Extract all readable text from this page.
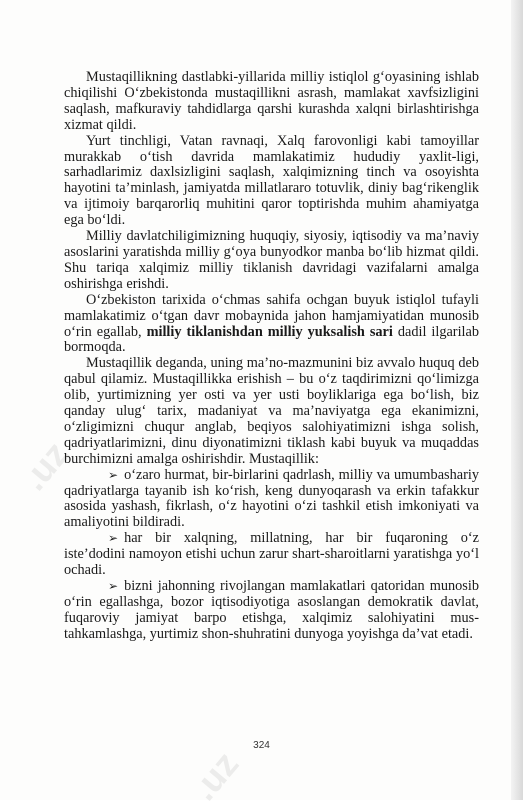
.uz
.uz

Mustaqillikning dastlabki-yillarida milliy istiqlol g‘oyasining ishlab chiqilishi O‘zbekistonda mustaqillikni asrash, mamlakat xavfsizligini saqlash, mafkuraviy tahdidlarga qarshi kurashda xalqni birlashtirishga xizmat qildi.

Yurt tinchligi, Vatan ravnaqi, Xalq farovonligi kabi tamoyillar murakkab o‘tish davrida mamlakatimiz hududiy yaxlit-ligi, sarhadlarimiz daxlsizligini saqlash, xalqimizning tinch va osoyishta hayotini ta’minlash, jamiyatda millatlararo totuvlik, diniy bag‘rikenglik va ijtimoiy barqarorliq muhitini qaror toptirishda muhim ahamiyatga ega bo‘ldi.

Milliy davlatchiligimizning huquqiy, siyosiy, iqtisodiy va ma’naviy asoslarini yaratishda milliy g‘oya bunyodkor manba bo‘lib hizmat qildi. Shu tariqa xalqimiz milliy tiklanish davridagi vazifalarni amalga oshirishga erishdi.

O‘zbekiston tarixida o‘chmas sahifa ochgan buyuk istiqlol tufayli mamlakatimiz o‘tgan davr mobaynida jahon hamjamiyatidan munosib o‘rin egallab, milliy tiklanishdan milliy yuksalish sari dadil ilgarilab bormoqda.

Mustaqillik deganda, uning ma’no-mazmunini biz avvalo huquq deb qabul qilamiz. Mustaqillikka erishish – bu o‘z taqdirimizni qo‘limizga olib, yurtimizning yer osti va yer usti boyliklariga ega bo‘lish, biz qanday ulug‘ tarix, madaniyat va ma’naviyatga ega ekanimizni, o‘zligimizni chuqur anglab, beqiyos salohiyatimizni ishga solish, qadriyatlarimizni, dinu diyonatimizni tiklash kabi buyuk va muqaddas burchimizni amalga oshirishdir. Mustaqillik:

➢ o‘zaro hurmat, bir-birlarini qadrlash, milliy va umumbashariy qadriyatlarga tayanib ish ko‘rish, keng dunyoqarash va erkin tafakkur asosida yashash, fikrlash, o‘z hayotini o‘zi tashkil etish imkoniyati va amaliyotini bildiradi.

➢ har bir xalqning, millatning, har bir fuqaroning o‘z iste’dodini namoyon etishi uchun zarur shart-sharoitlarni yaratishga yo‘l ochadi.

➢ bizni jahonning rivojlangan mamlakatlari qatoridan munosib o‘rin egallashga, bozor iqtisodiyotiga asoslangan demokratik davlat, fuqaroviy jamiyat barpo etishga, xalqimiz salohiyatini mus-tahkamlashga, yurtimiz shon-shuhratini dunyoga yoyishga da’vat etadi.

324
